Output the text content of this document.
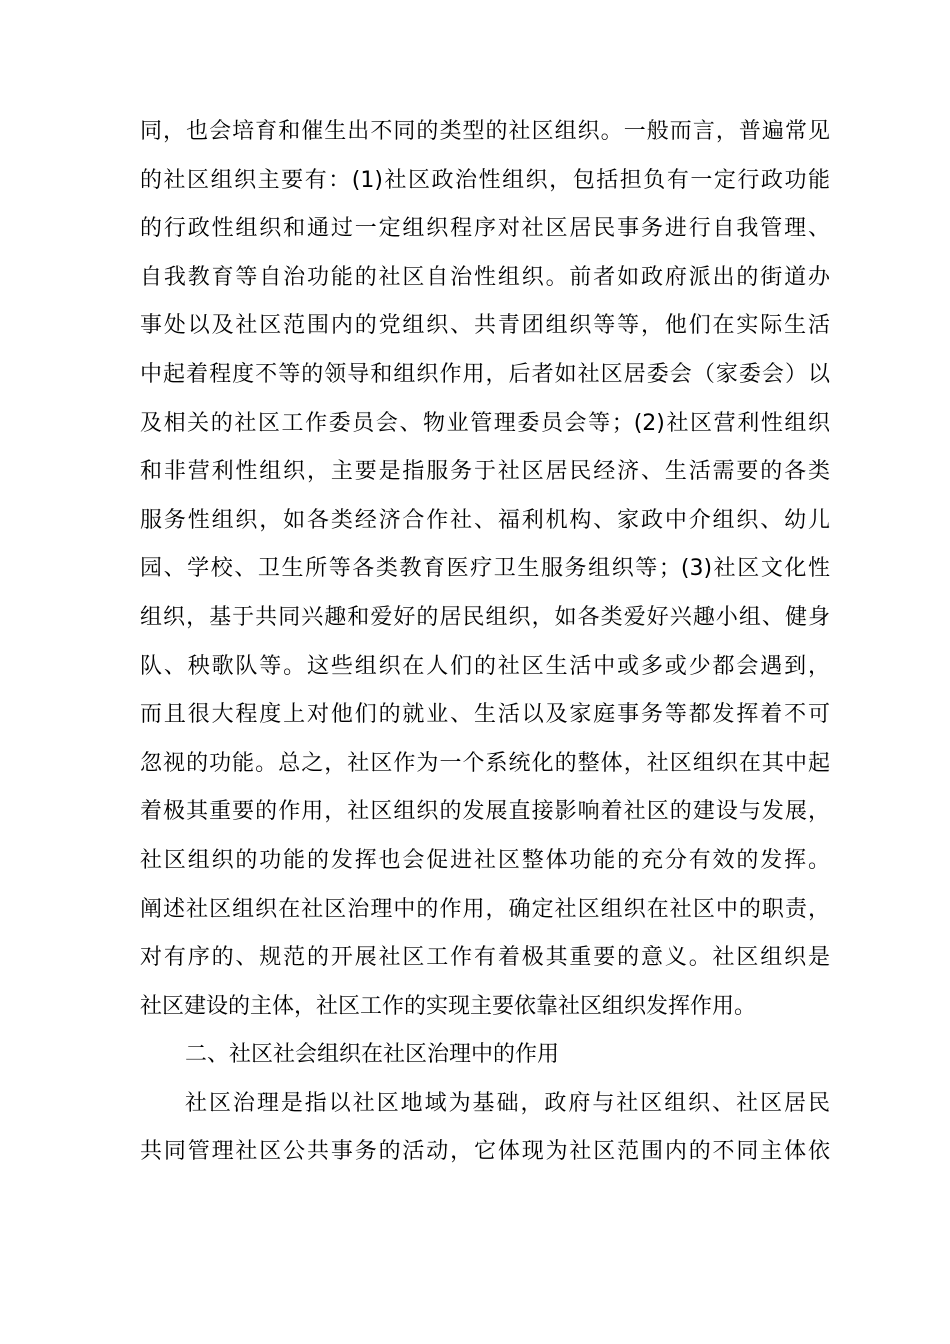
同，也会培育和催生出不同的类型的社区组织。一般而言，普遍常见
的社区组织主要有：(1)社区政治性组织，包括担负有一定行政功能
的行政性组织和通过一定组织程序对社区居民事务进行自我管理、
自我教育等自治功能的社区自治性组织。前者如政府派出的街道办
事处以及社区范围内的党组织、共青团组织等等，他们在实际生活
中起着程度不等的领导和组织作用，后者如社区居委会（家委会）以
及相关的社区工作委员会、物业管理委员会等；(2)社区营利性组织
和非营利性组织，主要是指服务于社区居民经济、生活需要的各类
服务性组织，如各类经济合作社、福利机构、家政中介组织、幼儿
园、学校、卫生所等各类教育医疗卫生服务组织等；(3)社区文化性
组织，基于共同兴趣和爱好的居民组织，如各类爱好兴趣小组、健身
队、秧歌队等。这些组织在人们的社区生活中或多或少都会遇到，
而且很大程度上对他们的就业、生活以及家庭事务等都发挥着不可
忽视的功能。总之，社区作为一个系统化的整体，社区组织在其中起
着极其重要的作用，社区组织的发展直接影响着社区的建设与发展，
社区组织的功能的发挥也会促进社区整体功能的充分有效的发挥。
阐述社区组织在社区治理中的作用，确定社区组织在社区中的职责，
对有序的、规范的开展社区工作有着极其重要的意义。社区组织是
社区建设的主体，社区工作的实现主要依靠社区组织发挥作用。
二、社区社会组织在社区治理中的作用
社区治理是指以社区地域为基础，政府与社区组织、社区居民
共同管理社区公共事务的活动，它体现为社区范围内的不同主体依
